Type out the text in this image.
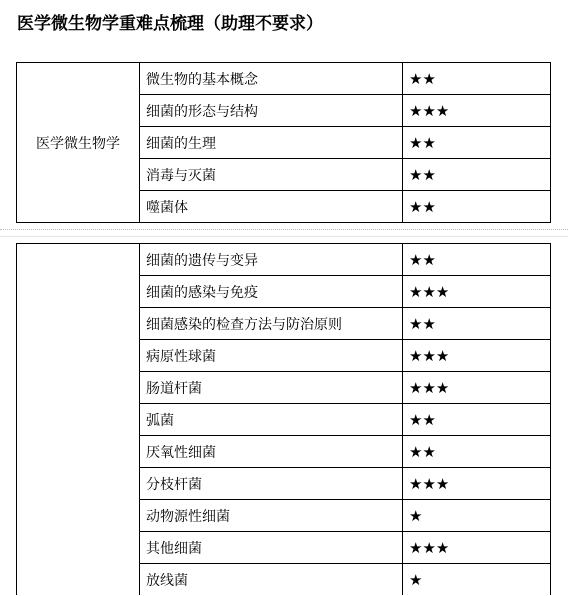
医学微生物学重难点梳理（助理不要求）
医学微生物学	微生物的基本概念	★★
	细菌的形态与结构	★★★
	细菌的生理	★★
	消毒与灭菌	★★
	噬菌体	★★
	细菌的遗传与变异	★★
	细菌的感染与免疫	★★★
	细菌感染的检查方法与防治原则	★★
	病原性球菌	★★★
	肠道杆菌	★★★
	弧菌	★★
	厌氧性细菌	★★
	分枝杆菌	★★★
	动物源性细菌	★
	其他细菌	★★★
	放线菌	★
